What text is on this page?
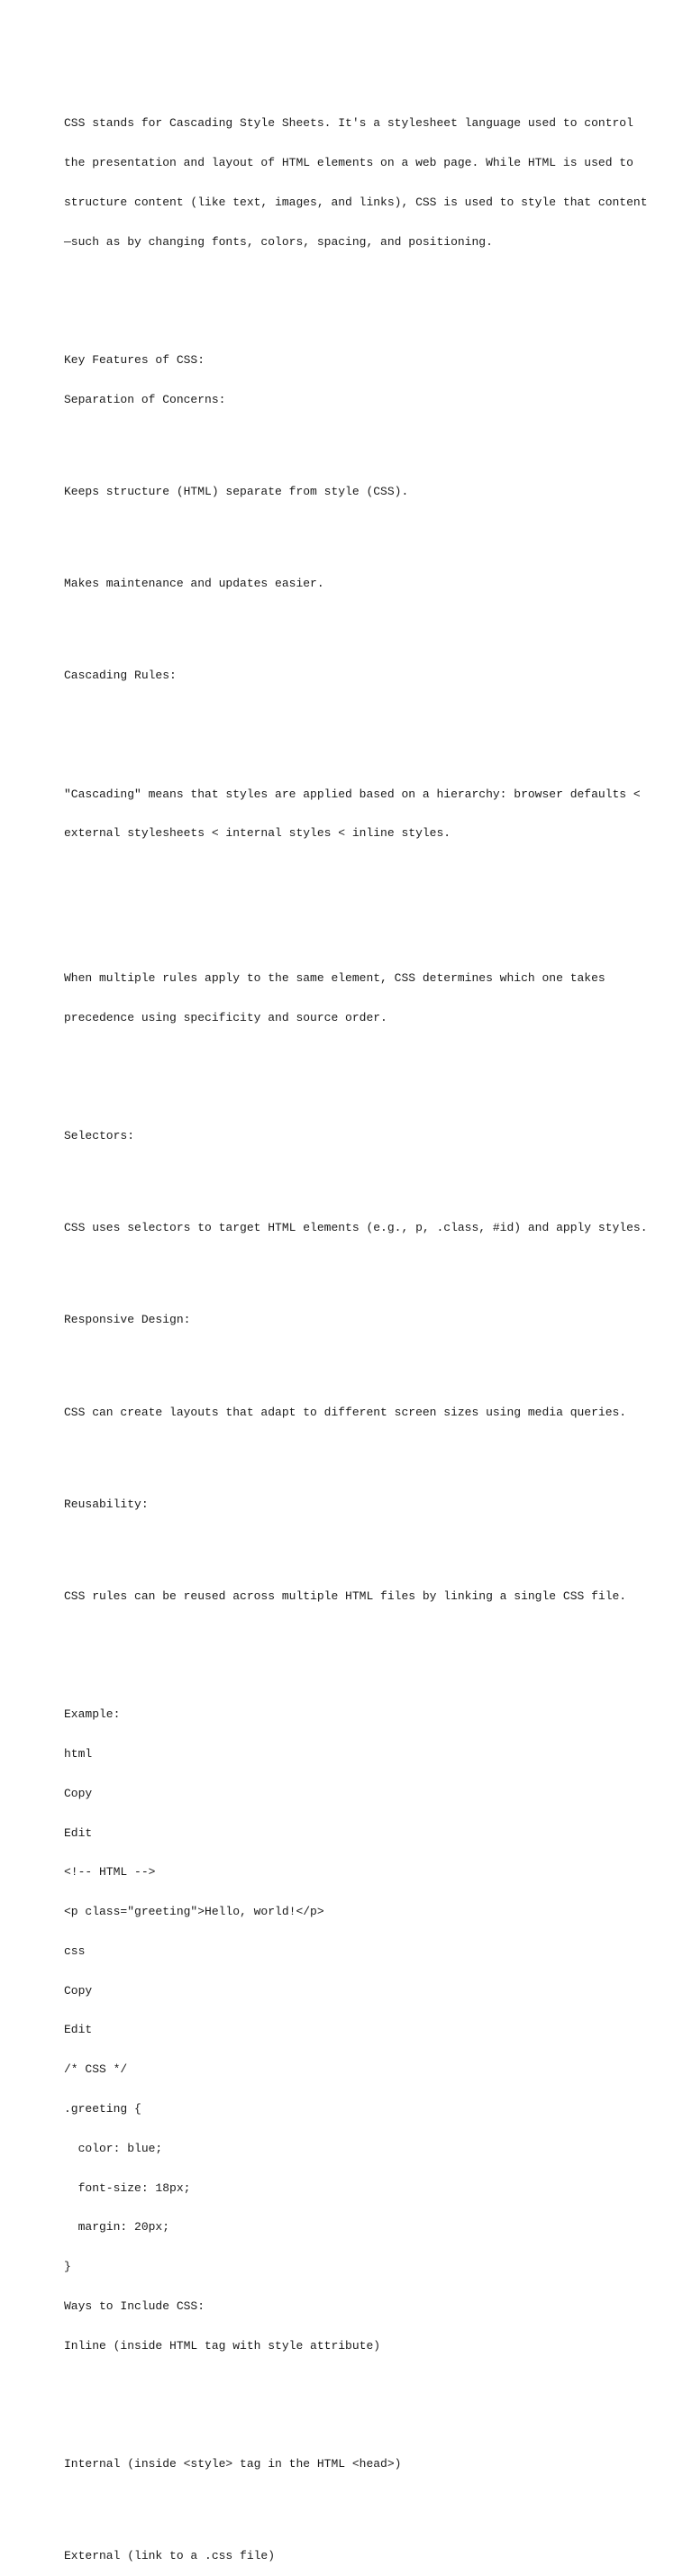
CSS stands for Cascading Style Sheets. It's a stylesheet language used to control

the presentation and layout of HTML elements on a web page. While HTML is used to

structure content (like text, images, and links), CSS is used to style that content

—such as by changing fonts, colors, spacing, and positioning.

Key Features of CSS:

Separation of Concerns:

Keeps structure (HTML) separate from style (CSS).

Makes maintenance and updates easier.

Cascading Rules:

"Cascading" means that styles are applied based on a hierarchy: browser defaults <

external stylesheets < internal styles < inline styles.

When multiple rules apply to the same element, CSS determines which one takes

precedence using specificity and source order.

Selectors:

CSS uses selectors to target HTML elements (e.g., p, .class, #id) and apply styles.

Responsive Design:

CSS can create layouts that adapt to different screen sizes using media queries.

Reusability:

CSS rules can be reused across multiple HTML files by linking a single CSS file.

Example:

html

Copy

Edit

<!-- HTML -->

<p class="greeting">Hello, world!</p>

css

Copy

Edit

/* CSS */

.greeting {

color: blue;

font-size: 18px;

margin: 20px;

}

Ways to Include CSS:

Inline (inside HTML tag with style attribute)

Internal (inside <style> tag in the HTML <head>)

External (link to a .css file)
